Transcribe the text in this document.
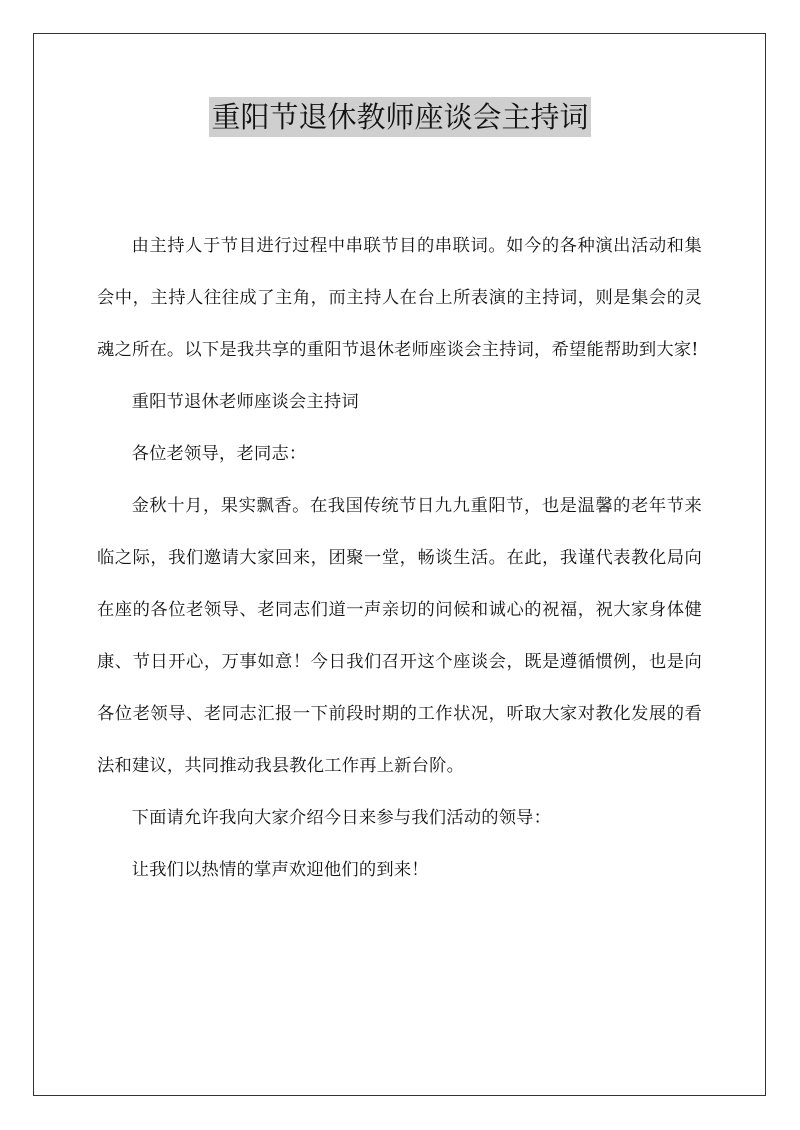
重阳节退休教师座谈会主持词

由主持人于节目进行过程中串联节目的串联词。如今的各种演出活动和集会中，主持人往往成了主角，而主持人在台上所表演的主持词，则是集会的灵魂之所在。以下是我共享的重阳节退休老师座谈会主持词，希望能帮助到大家!

重阳节退休老师座谈会主持词

各位老领导，老同志：

金秋十月，果实飘香。在我国传统节日九九重阳节，也是温馨的老年节来临之际，我们邀请大家回来，团聚一堂，畅谈生活。在此，我谨代表教化局向在座的各位老领导、老同志们道一声亲切的问候和诚心的祝福，祝大家身体健康、节日开心，万事如意！今日我们召开这个座谈会，既是遵循惯例，也是向各位老领导、老同志汇报一下前段时期的工作状况，听取大家对教化发展的看法和建议，共同推动我县教化工作再上新台阶。

下面请允许我向大家介绍今日来参与我们活动的领导：

让我们以热情的掌声欢迎他们的到来！
